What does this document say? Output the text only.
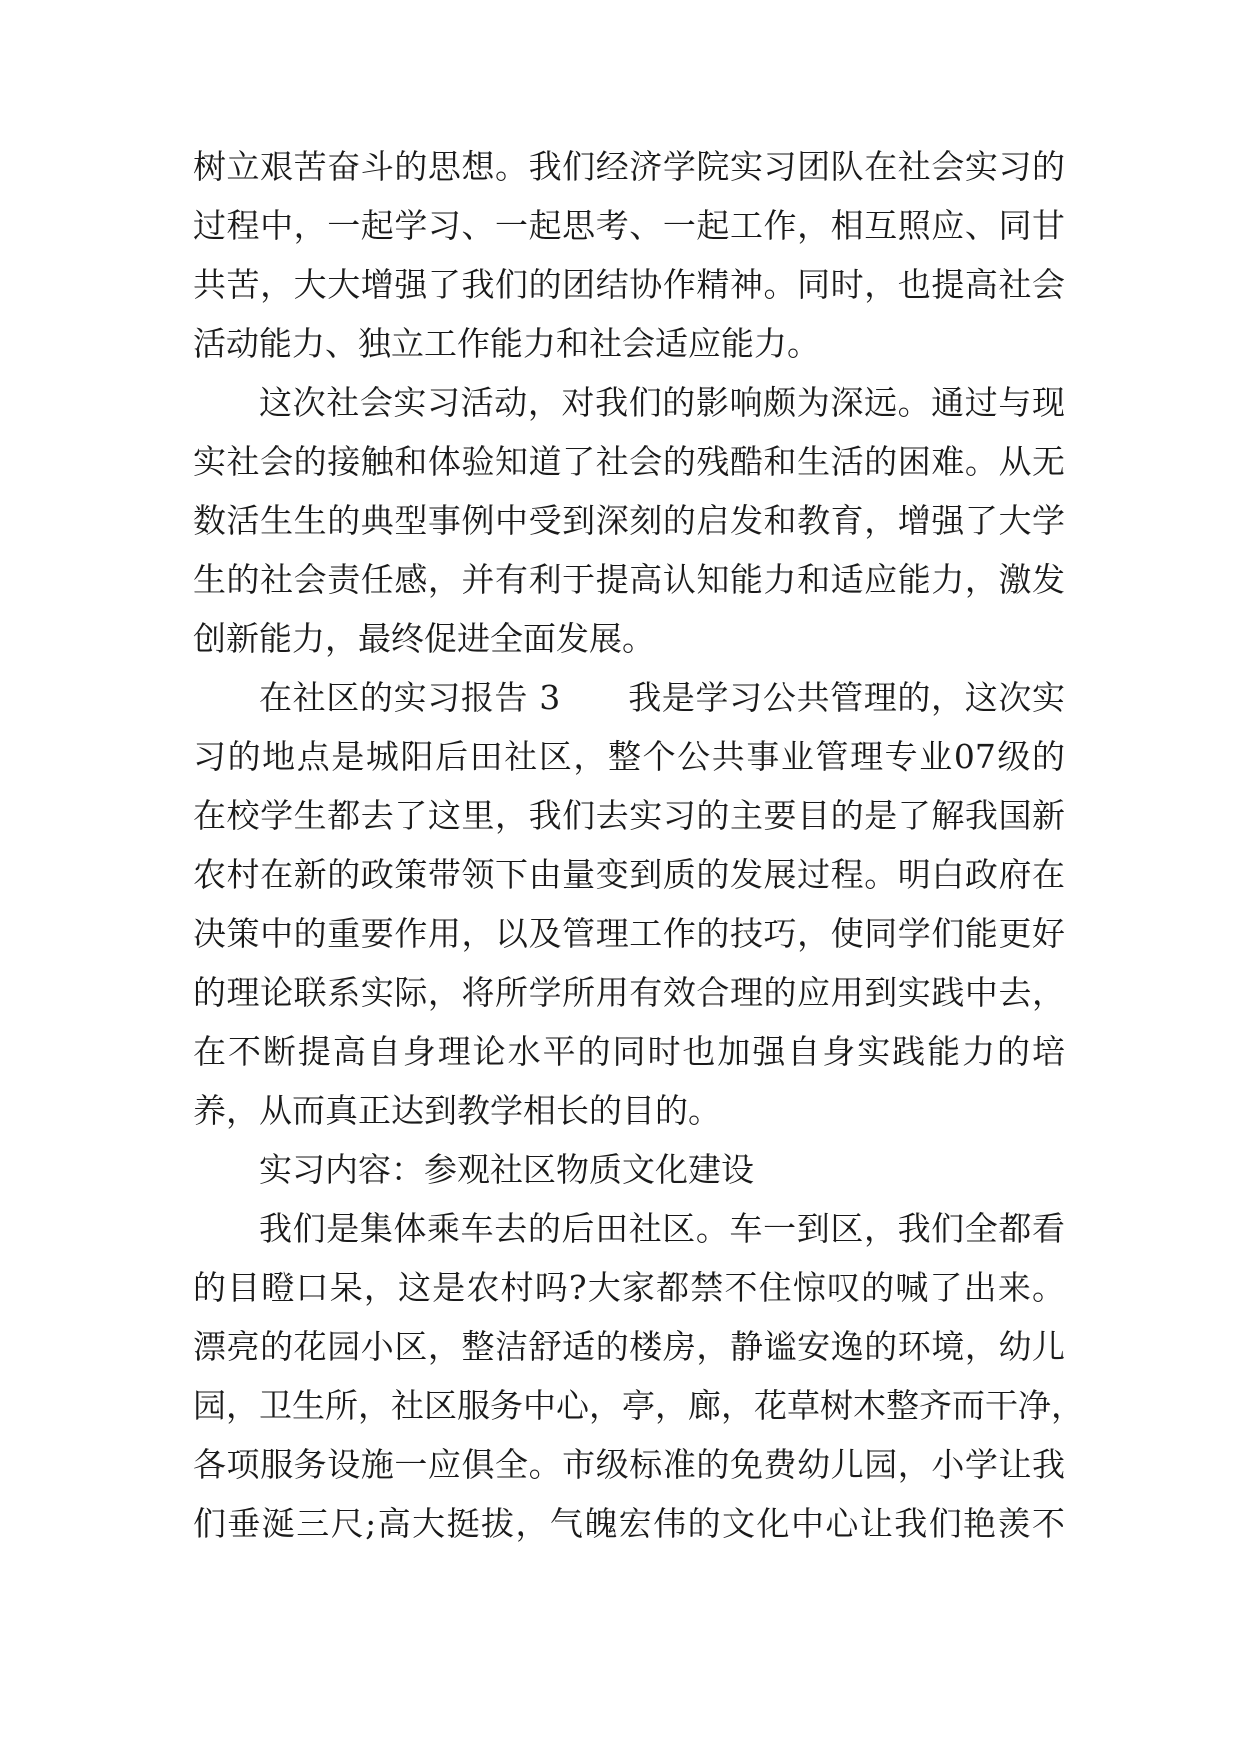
树立艰苦奋斗的思想。我们经济学院实习团队在社会实习的
过程中，一起学习、一起思考、一起工作，相互照应、同甘
共苦，大大增强了我们的团结协作精神。同时，也提高社会
活动能力、独立工作能力和社会适应能力。
这次社会实习活动，对我们的影响颇为深远。通过与现
实社会的接触和体验知道了社会的残酷和生活的困难。从无
数活生生的典型事例中受到深刻的启发和教育，增强了大学
生的社会责任感，并有利于提高认知能力和适应能力，激发
创新能力，最终促进全面发展。
在社区的实习报告 3　　我是学习公共管理的，这次实
习的地点是城阳后田社区，整个公共事业管理专业07级的
在校学生都去了这里，我们去实习的主要目的是了解我国新
农村在新的政策带领下由量变到质的发展过程。明白政府在
决策中的重要作用，以及管理工作的技巧，使同学们能更好
的理论联系实际，将所学所用有效合理的应用到实践中去，
在不断提高自身理论水平的同时也加强自身实践能力的培
养，从而真正达到教学相长的目的。
实习内容：参观社区物质文化建设
我们是集体乘车去的后田社区。车一到区，我们全都看
的目瞪口呆，这是农村吗?大家都禁不住惊叹的喊了出来。
漂亮的花园小区，整洁舒适的楼房，静谧安逸的环境，幼儿
园，卫生所，社区服务中心，亭，廊，花草树木整齐而干净，
各项服务设施一应俱全。市级标准的免费幼儿园，小学让我
们垂涎三尺;高大挺拔，气魄宏伟的文化中心让我们艳羡不
